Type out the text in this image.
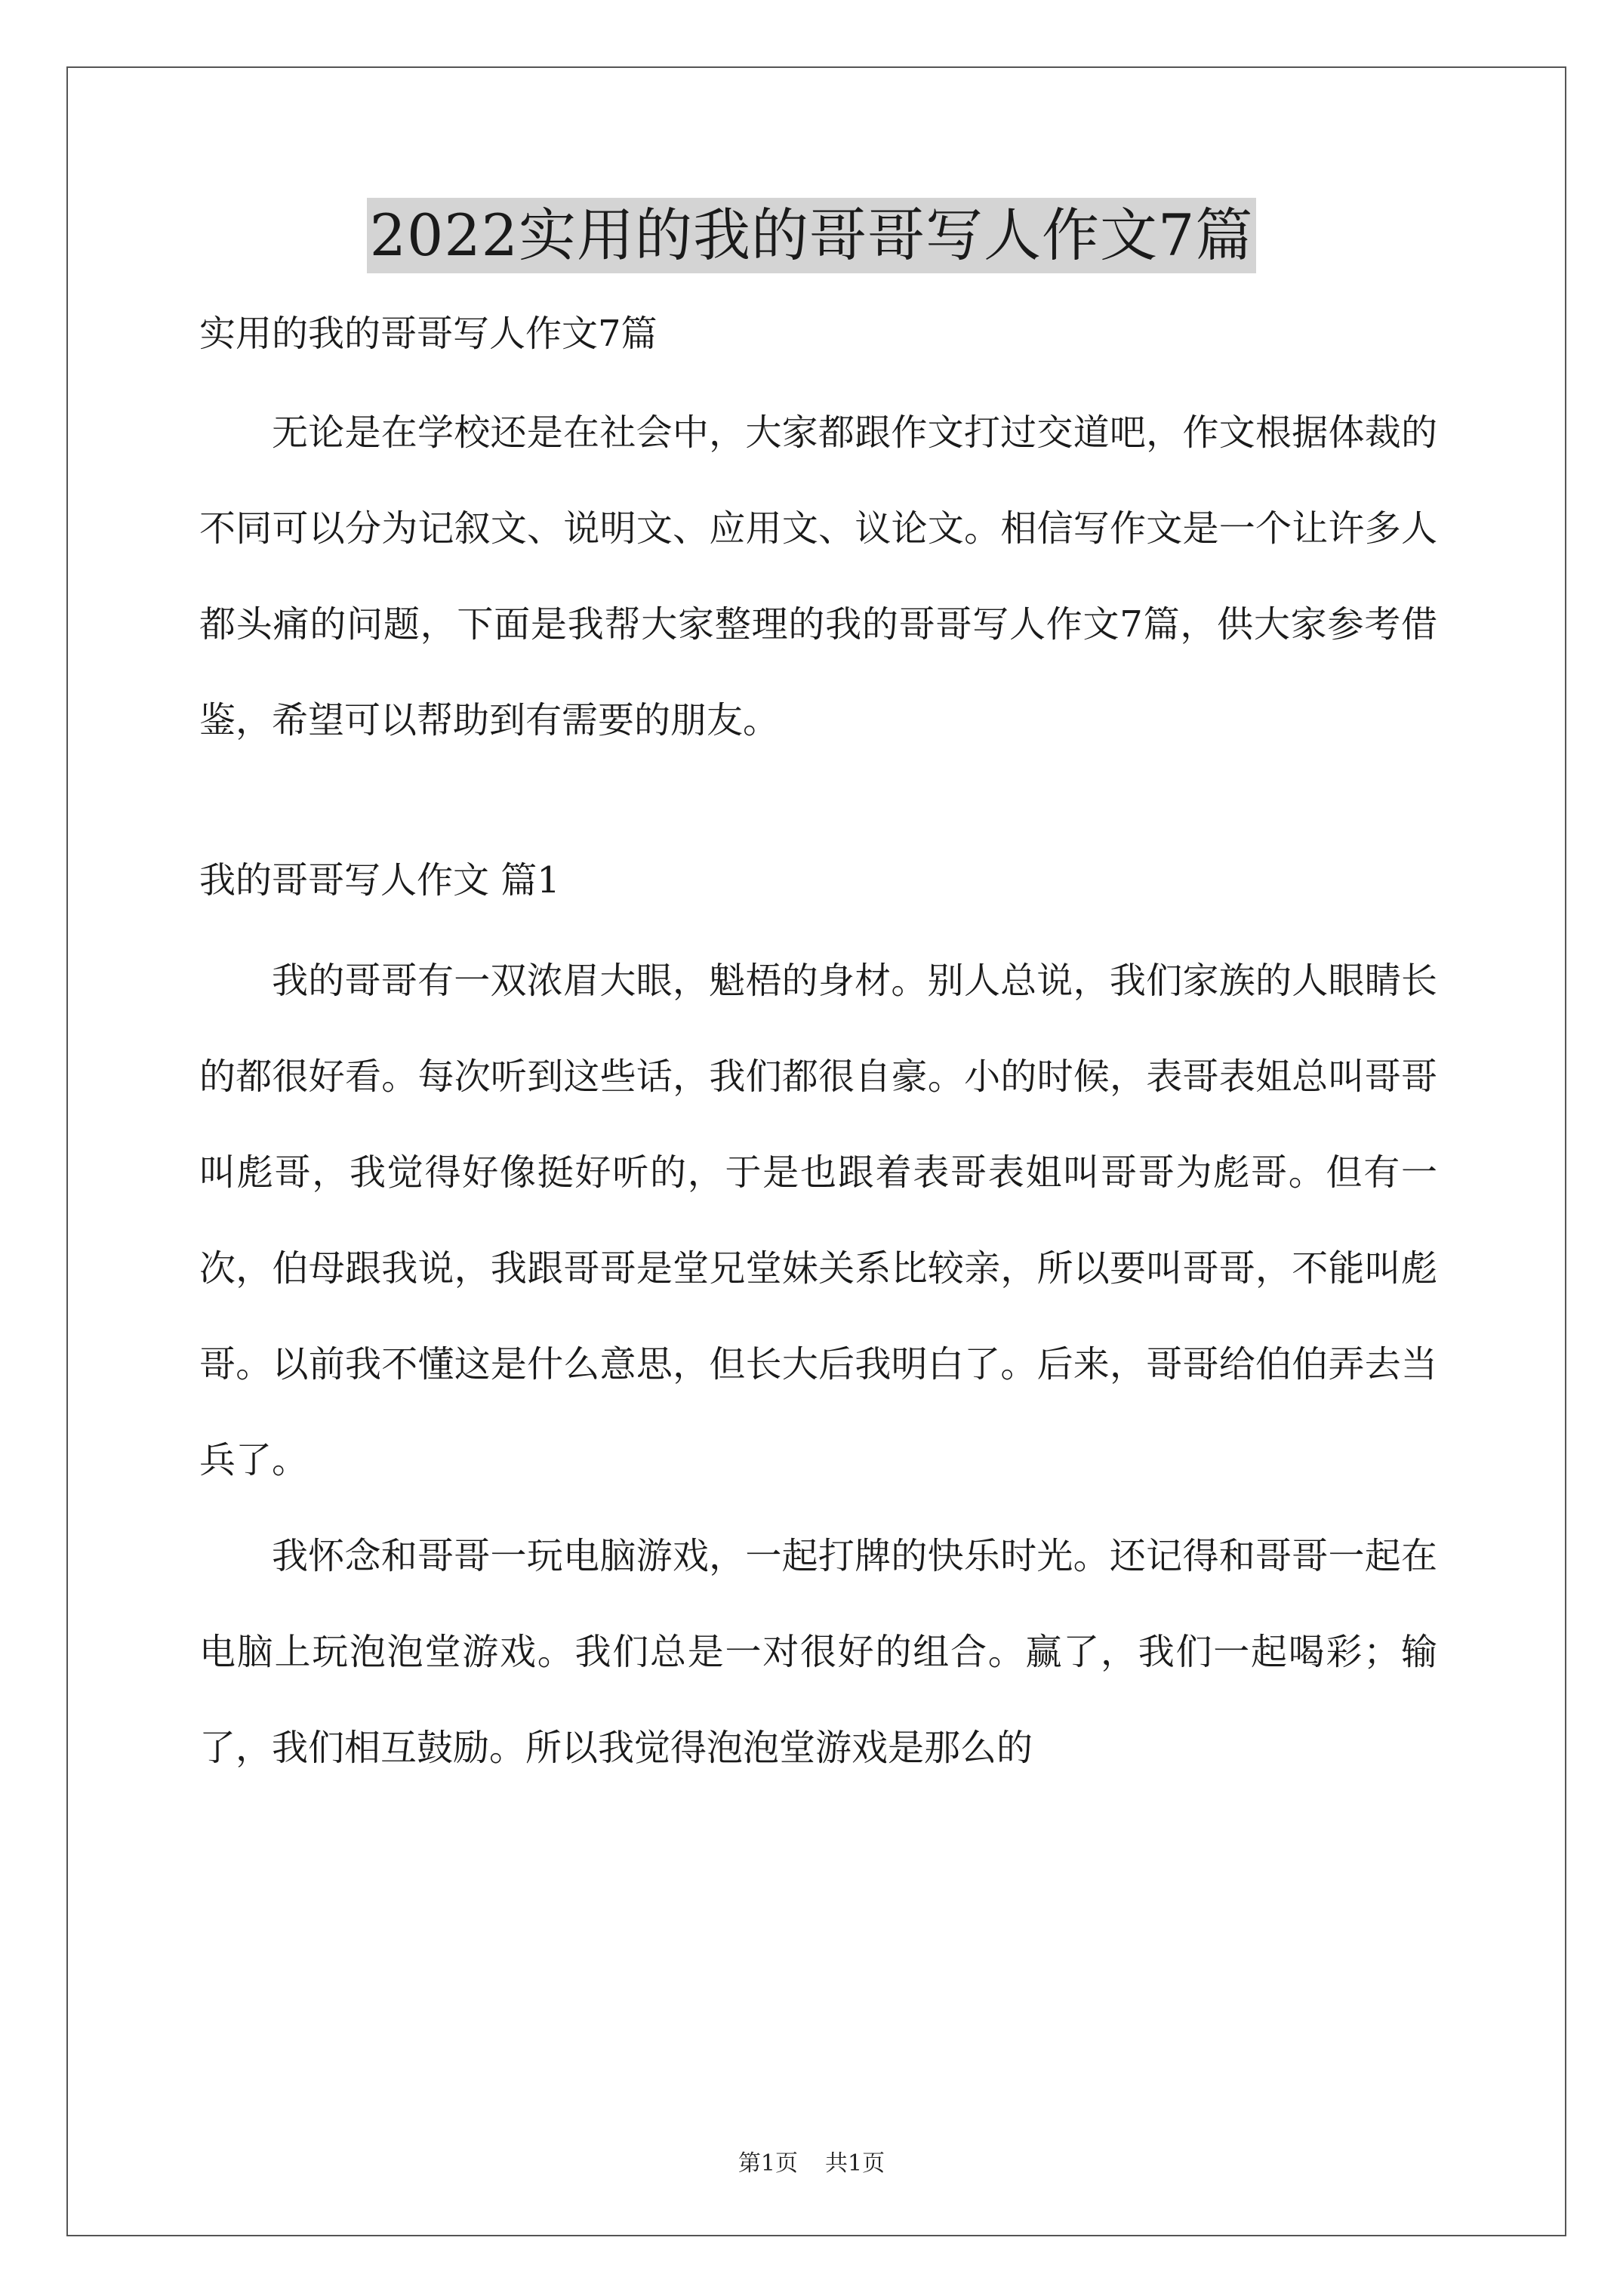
2022实用的我的哥哥写人作文7篇

实用的我的哥哥写人作文7篇

无论是在学校还是在社会中，大家都跟作文打过交道吧，作文根据体裁的不同可以分为记叙文、说明文、应用文、议论文。相信写作文是一个让许多人都头痛的问题，下面是我帮大家整理的我的哥哥写人作文7篇，供大家参考借鉴，希望可以帮助到有需要的朋友。

我的哥哥写人作文 篇1

我的哥哥有一双浓眉大眼，魁梧的身材。别人总说，我们家族的人眼睛长的都很好看。每次听到这些话，我们都很自豪。小的时候，表哥表姐总叫哥哥叫彪哥，我觉得好像挺好听的，于是也跟着表哥表姐叫哥哥为彪哥。但有一次，伯母跟我说，我跟哥哥是堂兄堂妹关系比较亲，所以要叫哥哥，不能叫彪哥。以前我不懂这是什么意思，但长大后我明白了。后来，哥哥给伯伯弄去当兵了。

我怀念和哥哥一玩电脑游戏，一起打牌的快乐时光。还记得和哥哥一起在电脑上玩泡泡堂游戏。我们总是一对很好的组合。赢了，我们一起喝彩；输了，我们相互鼓励。所以我觉得泡泡堂游戏是那么的

第1页 共1页
